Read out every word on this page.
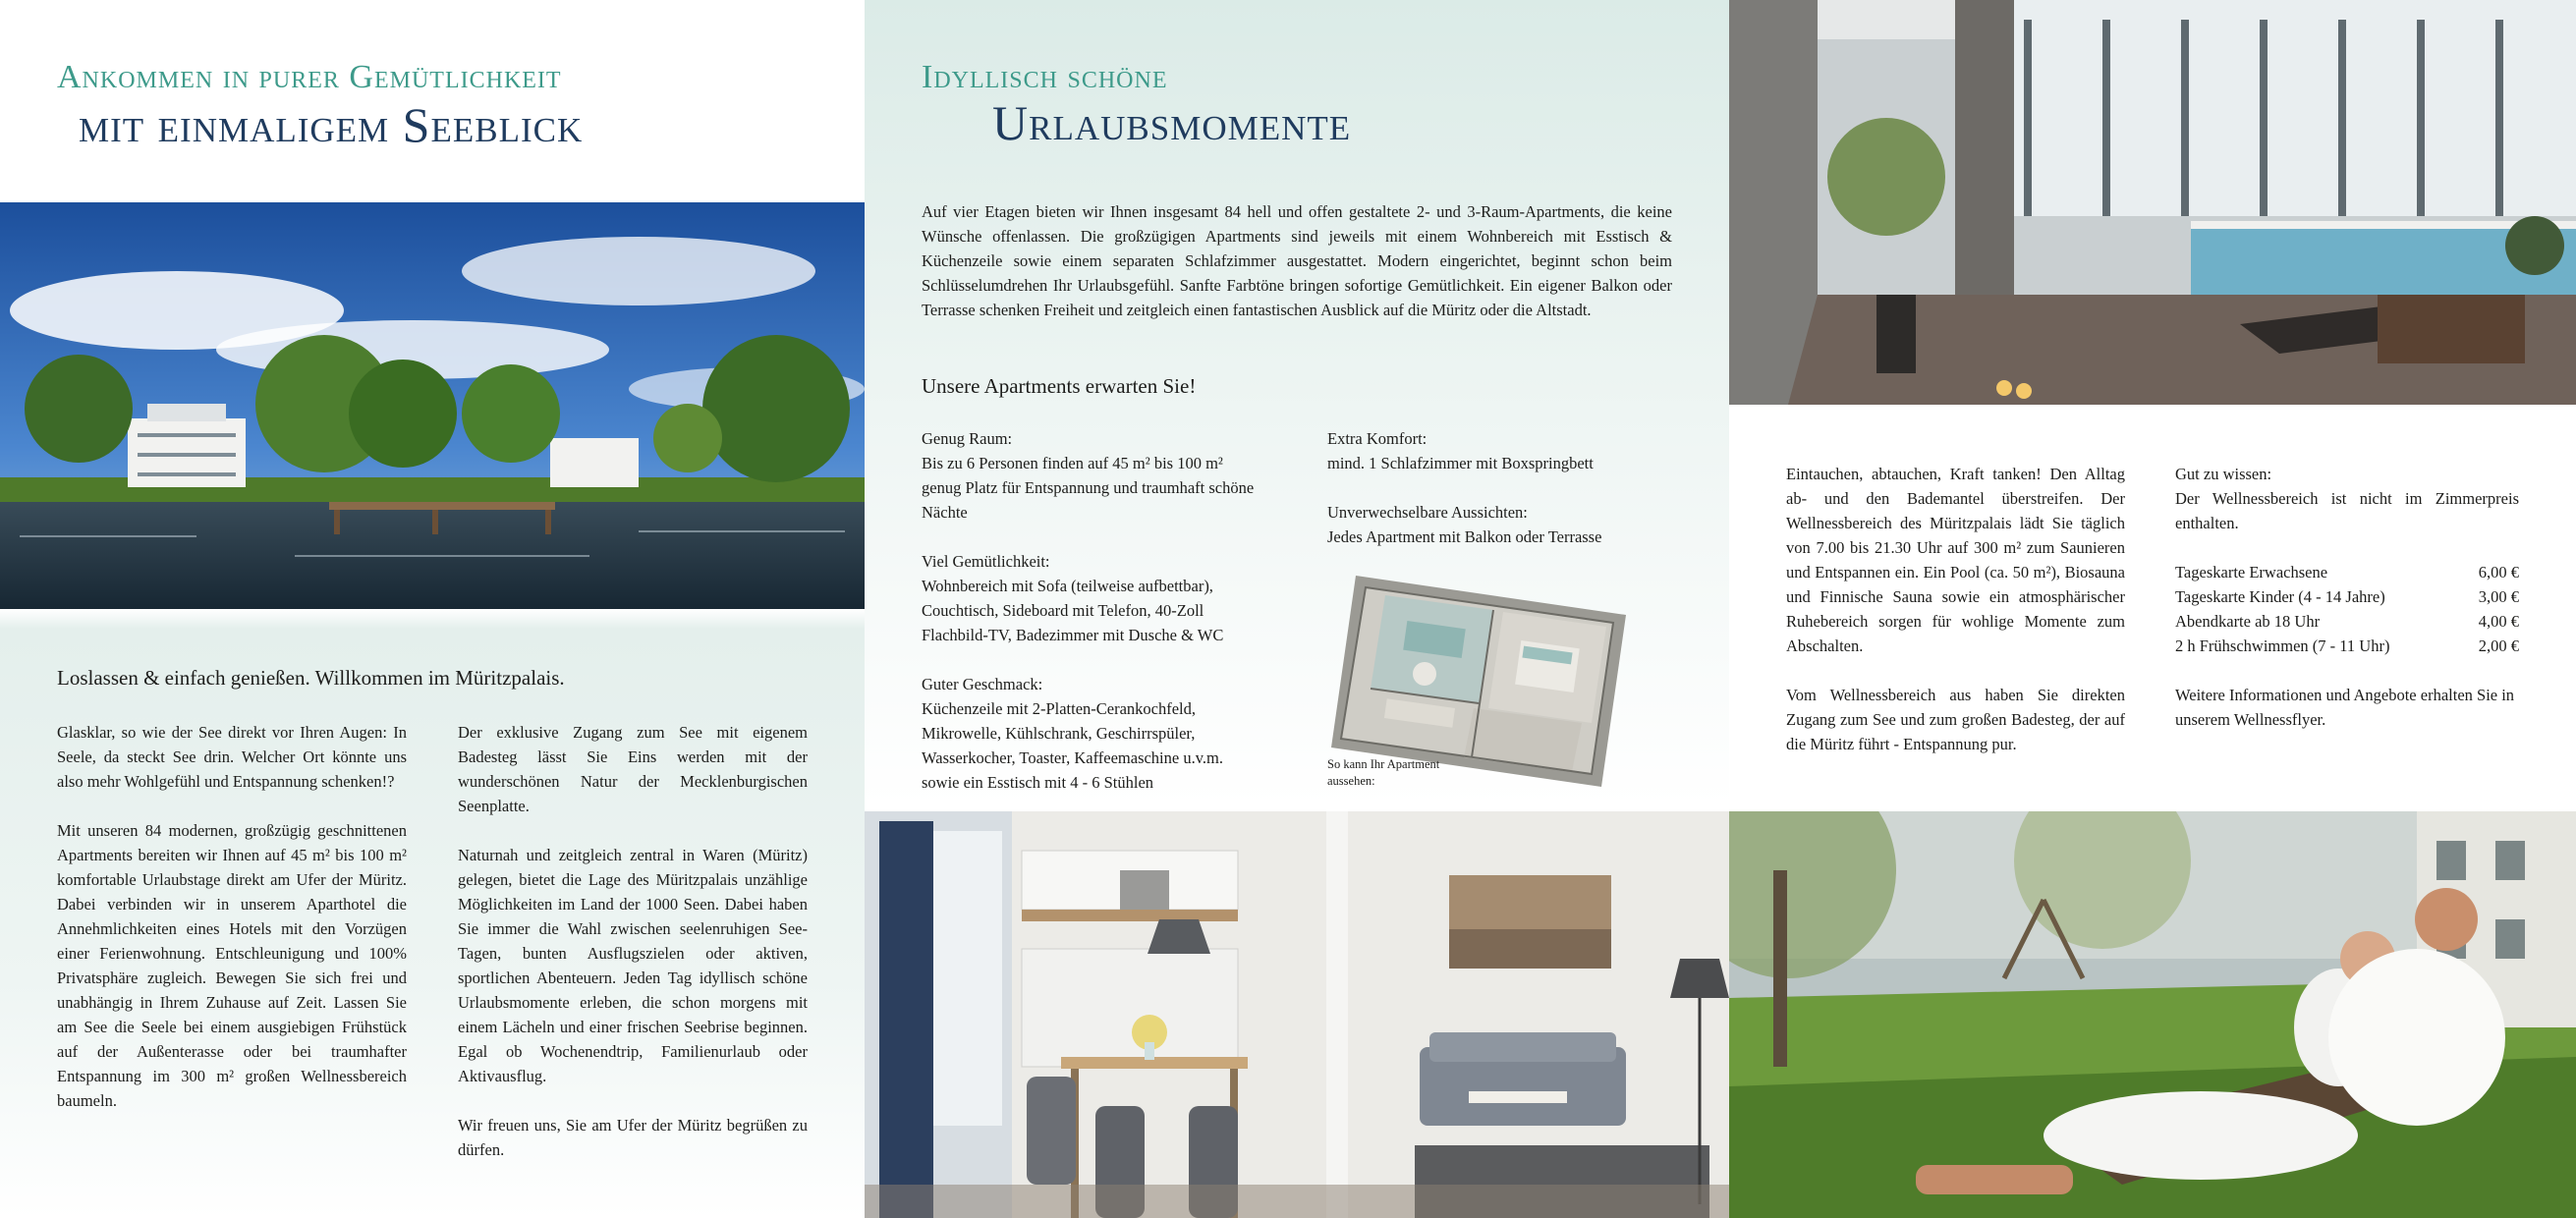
Ankommen in purer Gemütlichkeit
mit einmaligem Seeblick
Loslassen & einfach genießen. Willkommen im Müritzpalais.
Glasklar, so wie der See direkt vor Ihren Augen: In Seele, da steckt See drin. Welcher Ort könnte uns also mehr Wohlgefühl und Entspannung schenken!?
Mit unseren 84 modernen, großzügig geschnittenen Apartments bereiten wir Ihnen auf 45 m² bis 100 m² komfortable Urlaubstage direkt am Ufer der Müritz. Dabei verbinden wir in unserem Aparthotel die Annehmlichkeiten eines Hotels mit den Vorzügen einer Ferienwohnung. Entschleunigung und 100% Privatsphäre zugleich. Bewegen Sie sich frei und unabhängig in Ihrem Zuhause auf Zeit. Lassen Sie am See die Seele bei einem ausgiebigen Frühstück auf der Außenterasse oder bei traumhafter Entspannung im 300 m² großen Wellnessbereich baumeln.
Der exklusive Zugang zum See mit eigenem Badesteg lässt Sie Eins werden mit der wunderschönen Natur der Mecklenburgischen Seenplatte.
Naturnah und zeitgleich zentral in Waren (Müritz) gelegen, bietet die Lage des Müritzpalais unzählige Möglichkeiten im Land der 1000 Seen. Dabei haben Sie immer die Wahl zwischen seelenruhigen See-Tagen, bunten Ausflugszielen oder aktiven, sportlichen Abenteuern. Jeden Tag idyllisch schöne Urlaubsmomente erleben, die schon morgens mit einem Lächeln und einer frischen Seebrise beginnen. Egal ob Wochenendtrip, Familienurlaub oder Aktivausflug.
Wir freuen uns, Sie am Ufer der Müritz begrüßen zu dürfen.
Idyllisch schöne
Urlaubsmomente
Auf vier Etagen bieten wir Ihnen insgesamt 84 hell und offen gestaltete 2- und 3-Raum-Apartments, die keine Wünsche offenlassen. Die großzügigen Apartments sind jeweils mit einem Wohnbereich mit Esstisch & Küchenzeile sowie einem separaten Schlafzimmer ausgestattet. Modern eingerichtet, beginnt schon beim Schlüsselumdrehen Ihr Urlaubsgefühl. Sanfte Farbtöne bringen sofortige Gemütlichkeit. Ein eigener Balkon oder Terrasse schenken Freiheit und zeitgleich einen fantastischen Ausblick auf die Müritz oder die Altstadt.
Unsere Apartments erwarten Sie!
Genug Raum:
Bis zu 6 Personen finden auf 45 m² bis 100 m² genug Platz für Entspannung und traumhaft schöne Nächte
Viel Gemütlichkeit:
Wohnbereich mit Sofa (teilweise aufbettbar), Couchtisch, Sideboard mit Telefon, 40-Zoll Flachbild-TV, Badezimmer mit Dusche & WC
Guter Geschmack:
Küchenzeile mit 2-Platten-Cerankochfeld, Mikrowelle, Kühlschrank, Geschirrspüler, Wasserkocher, Toaster, Kaffeemaschine u.v.m. sowie ein Esstisch mit 4 - 6 Stühlen
Extra Komfort:
mind. 1 Schlafzimmer mit Boxspringbett
Unverwechselbare Aussichten:
Jedes Apartment mit Balkon oder Terrasse
So kann Ihr Apartment aussehen:
Eintauchen, abtauchen, Kraft tanken! Den Alltag ab- und den Bademantel überstreifen. Der Wellnessbereich des Müritzpalais lädt Sie täglich von 7.00 bis 21.30 Uhr auf 300 m² zum Saunieren und Entspannen ein. Ein Pool (ca. 50 m²), Biosauna und Finnische Sauna sowie ein atmosphärischer Ruhebereich sorgen für wohlige Momente zum Abschalten.
Vom Wellnessbereich aus haben Sie direkten Zugang zum See und zum großen Badesteg, der auf die Müritz führt - Entspannung pur.
Gut zu wissen:
Der Wellnessbereich ist nicht im Zimmerpreis enthalten.
Tageskarte Erwachsene	6,00 €
Tageskarte Kinder (4 - 14 Jahre)	3,00 €
Abendkarte ab 18 Uhr	4,00 €
2 h Frühschwimmen (7 - 11 Uhr)	2,00 €
Weitere Informationen und Angebote erhalten Sie in unserem Wellnessflyer.
